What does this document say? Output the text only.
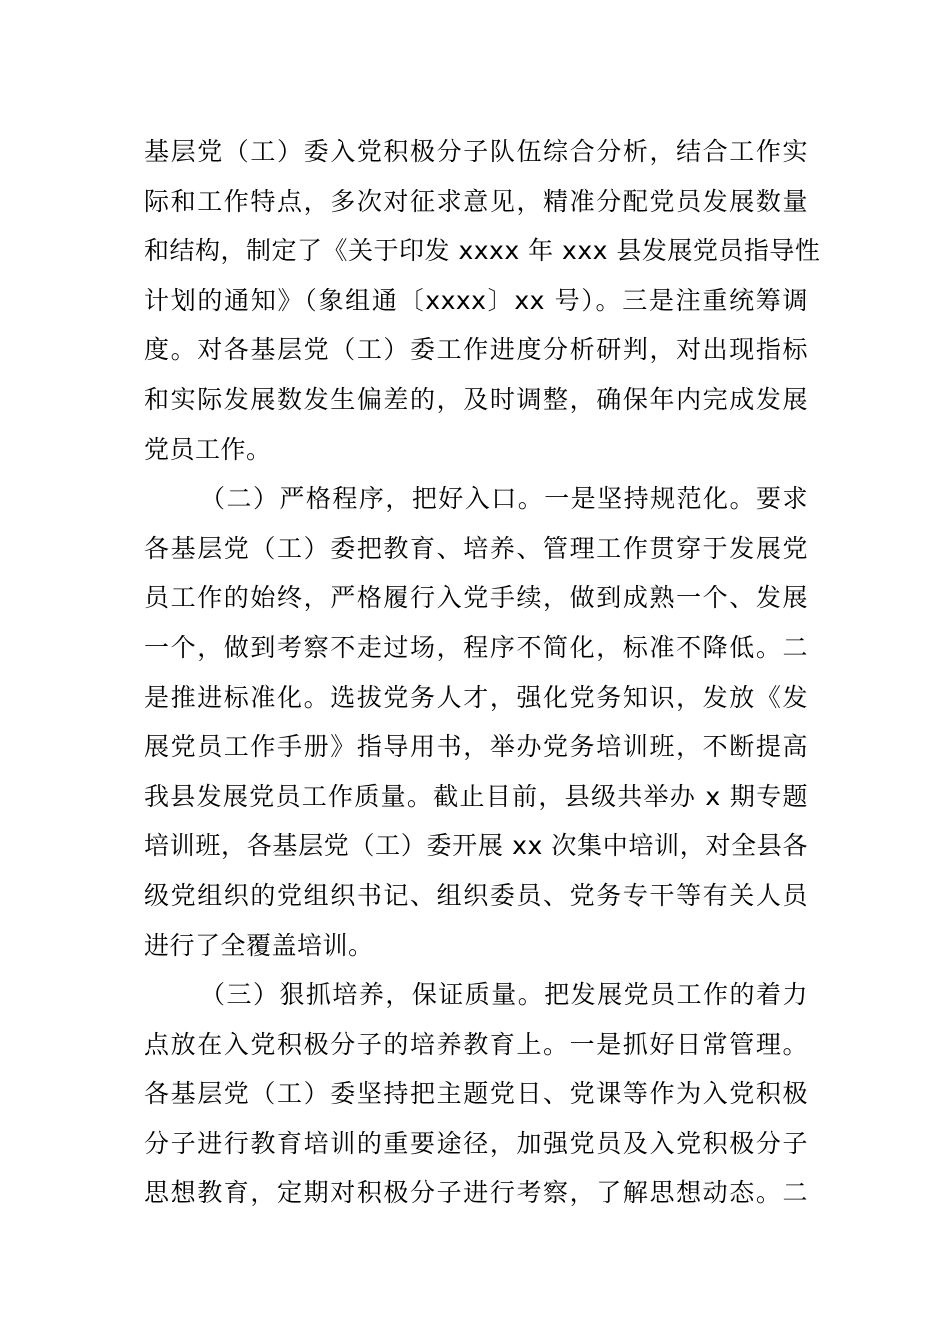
基层党（工）委入党积极分子队伍综合分析，结合工作实
际和工作特点，多次对征求意见，精准分配党员发展数量
和结构，制定了《关于印发 xxxx 年 xxx 县发展党员指导性
计划的通知》（象组通〔xxxx〕xx 号）。三是注重统筹调
度。对各基层党（工）委工作进度分析研判，对出现指标
和实际发展数发生偏差的，及时调整，确保年内完成发展
党员工作。
（二）严格程序，把好入口。一是坚持规范化。要求
各基层党（工）委把教育、培养、管理工作贯穿于发展党
员工作的始终，严格履行入党手续，做到成熟一个、发展
一个，做到考察不走过场，程序不简化，标准不降低。二
是推进标准化。选拔党务人才，强化党务知识，发放《发
展党员工作手册》指导用书，举办党务培训班，不断提高
我县发展党员工作质量。截止目前，县级共举办 x 期专题
培训班，各基层党（工）委开展 xx 次集中培训，对全县各
级党组织的党组织书记、组织委员、党务专干等有关人员
进行了全覆盖培训。
（三）狠抓培养，保证质量。把发展党员工作的着力
点放在入党积极分子的培养教育上。一是抓好日常管理。
各基层党（工）委坚持把主题党日、党课等作为入党积极
分子进行教育培训的重要途径，加强党员及入党积极分子
思想教育，定期对积极分子进行考察，了解思想动态。二
